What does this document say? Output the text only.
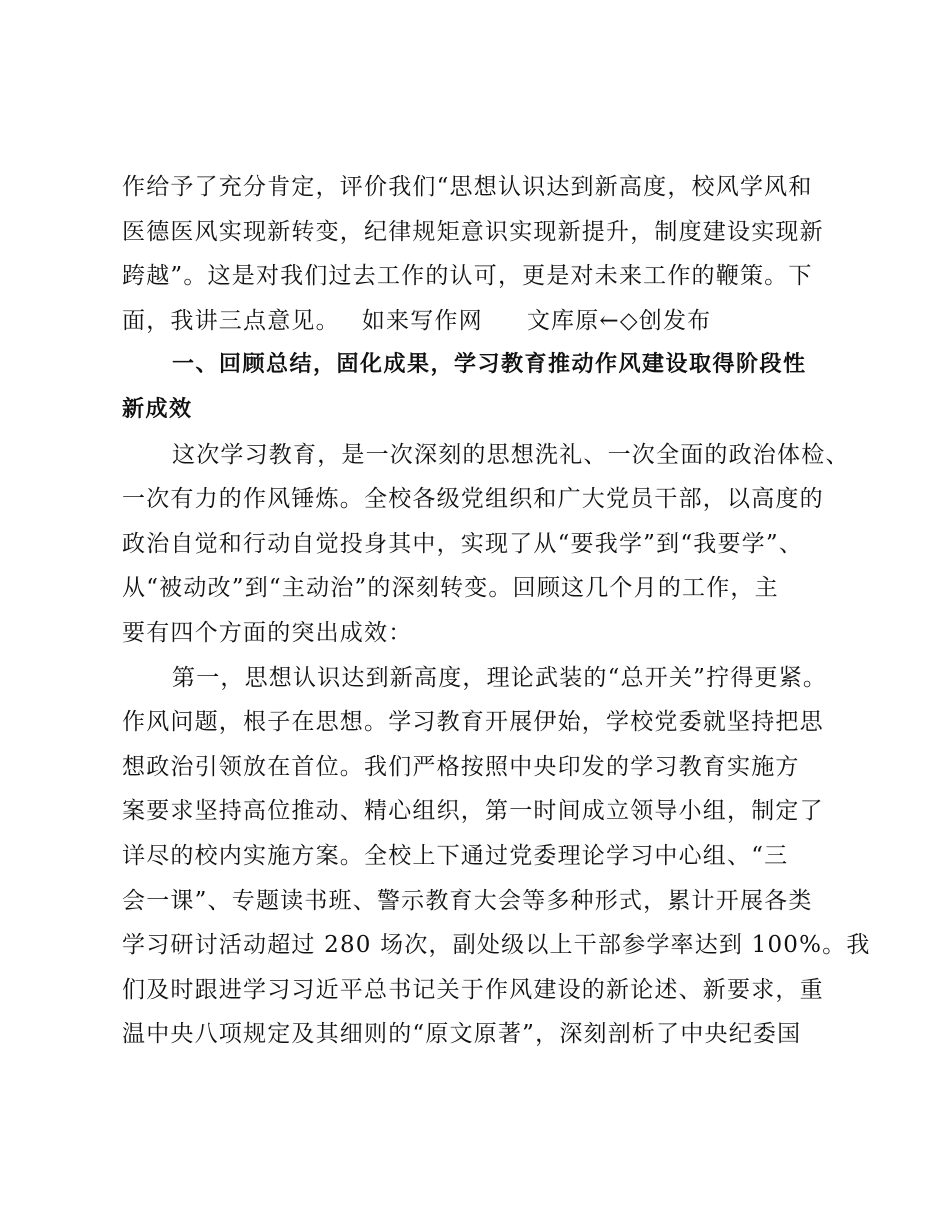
作给予了充分肯定，评价我们“思想认识达到新高度，校风学风和
医德医风实现新转变，纪律规矩意识实现新提升，制度建设实现新
跨越”。这是对我们过去工作的认可，更是对未来工作的鞭策。下
面，我讲三点意见。 如来写作网 文库原←◇创发布
一、回顾总结，固化成果，学习教育推动作风建设取得阶段性
新成效
这次学习教育，是一次深刻的思想洗礼、一次全面的政治体检、
一次有力的作风锤炼。全校各级党组织和广大党员干部，以高度的
政治自觉和行动自觉投身其中，实现了从“要我学”到“我要学”、
从“被动改”到“主动治”的深刻转变。回顾这几个月的工作，主
要有四个方面的突出成效：
第一，思想认识达到新高度，理论武装的“总开关”拧得更紧。
作风问题，根子在思想。学习教育开展伊始，学校党委就坚持把思
想政治引领放在首位。我们严格按照中央印发的学习教育实施方
案要求坚持高位推动、精心组织，第一时间成立领导小组，制定了
详尽的校内实施方案。全校上下通过党委理论学习中心组、“三
会一课”、专题读书班、警示教育大会等多种形式，累计开展各类
学习研讨活动超过 280 场次，副处级以上干部参学率达到 100%。我
们及时跟进学习习近平总书记关于作风建设的新论述、新要求，重
温中央八项规定及其细则的“原文原著”，深刻剖析了中央纪委国
